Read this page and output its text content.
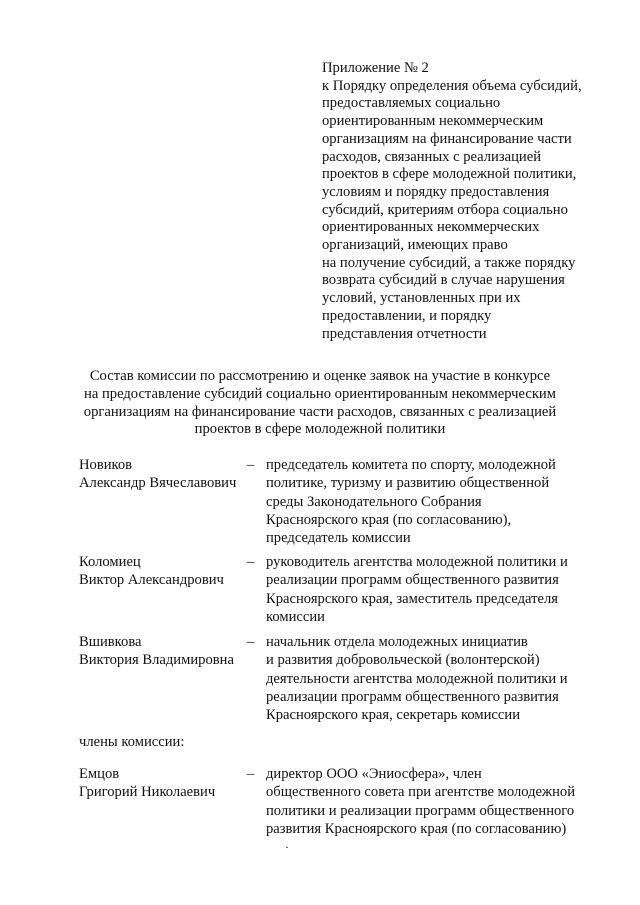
Приложение № 2
к Порядку определения объема субсидий,
предоставляемых социально
ориентированным некоммерческим
организациям на финансирование части
расходов, связанных с реализацией
проектов в сфере молодежной политики,
условиям и порядку предоставления
субсидий, критериям отбора социально
ориентированных некоммерческих
организаций, имеющих право
на получение субсидий, а также порядку
возврата субсидий в случае нарушения
условий, установленных при их
предоставлении, и порядку
представления отчетности
Состав комиссии по рассмотрению и оценке заявок на участие в конкурсе
на предоставление субсидий социально ориентированным некоммерческим
организациям на финансирование части расходов, связанных с реализацией
проектов в сфере молодежной политики
Новиков
Александр Вячеславович
– председатель комитета по спорту, молодежной
политике, туризму и развитию общественной
среды Законодательного Собрания
Красноярского края (по согласованию),
председатель комиссии
Коломиец
Виктор Александрович
– руководитель агентства молодежной политики и
реализации программ общественного развития
Красноярского края, заместитель председателя
комиссии
Вшивкова
Виктория Владимировна
– начальник отдела молодежных инициатив
и развития добровольческой (волонтерской)
деятельности агентства молодежной политики и
реализации программ общественного развития
Красноярского края, секретарь комиссии
члены комиссии:
Емцов
Григорий Николаевич
– директор ООО «Эниосфера», член
общественного совета при агентстве молодежной
политики и реализации программ общественного
развития Красноярского края (по согласованию)
